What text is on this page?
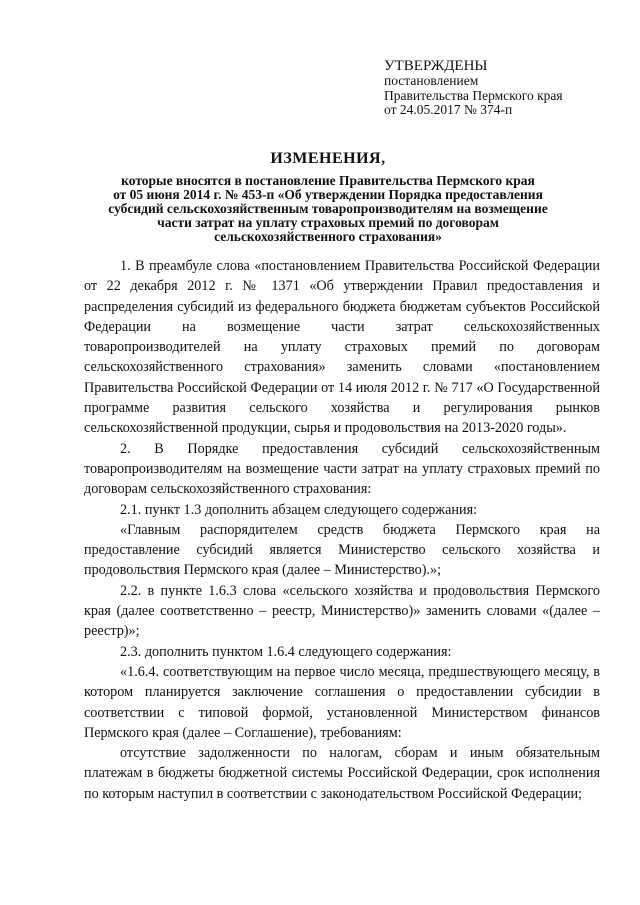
УТВЕРЖДЕНЫ
постановлением
Правительства Пермского края
от 24.05.2017 № 374-п
ИЗМЕНЕНИЯ,
которые вносятся в постановление Правительства Пермского края
от 05 июня 2014 г. № 453-п «Об утверждении Порядка предоставления
субсидий сельскохозяйственным товаропроизводителям на возмещение
части затрат на уплату страховых премий по договорам
сельскохозяйственного страхования»

1. В преамбуле слова «постановлением Правительства Российской Федерации от 22 декабря 2012 г. № 1371 «Об утверждении Правил предоставления и распределения субсидий из федерального бюджета бюджетам субъектов Российской Федерации на возмещение части затрат сельскохозяйственных товаропроизводителей на уплату страховых премий по договорам сельскохозяйственного страхования» заменить словами «постановлением Правительства Российской Федерации от 14 июля 2012 г. № 717 «О Государственной программе развития сельского хозяйства и регулирования рынков сельскохозяйственной продукции, сырья и продовольствия на 2013-2020 годы».

2. В Порядке предоставления субсидий сельскохозяйственным товаропроизводителям на возмещение части затрат на уплату страховых премий по договорам сельскохозяйственного страхования:

2.1. пункт 1.3 дополнить абзацем следующего содержания:

«Главным распорядителем средств бюджета Пермского края на предоставление субсидий является Министерство сельского хозяйства и продовольствия Пермского края (далее – Министерство).»;

2.2. в пункте 1.6.3 слова «сельского хозяйства и продовольствия Пермского края (далее соответственно – реестр, Министерство)» заменить словами «(далее – реестр)»;

2.3. дополнить пунктом 1.6.4 следующего содержания:

«1.6.4. соответствующим на первое число месяца, предшествующего месяцу, в котором планируется заключение соглашения о предоставлении субсидии в соответствии с типовой формой, установленной Министерством финансов Пермского края (далее – Соглашение), требованиям:

отсутствие задолженности по налогам, сборам и иным обязательным платежам в бюджеты бюджетной системы Российской Федерации, срок исполнения по которым наступил в соответствии с законодательством Российской Федерации;
